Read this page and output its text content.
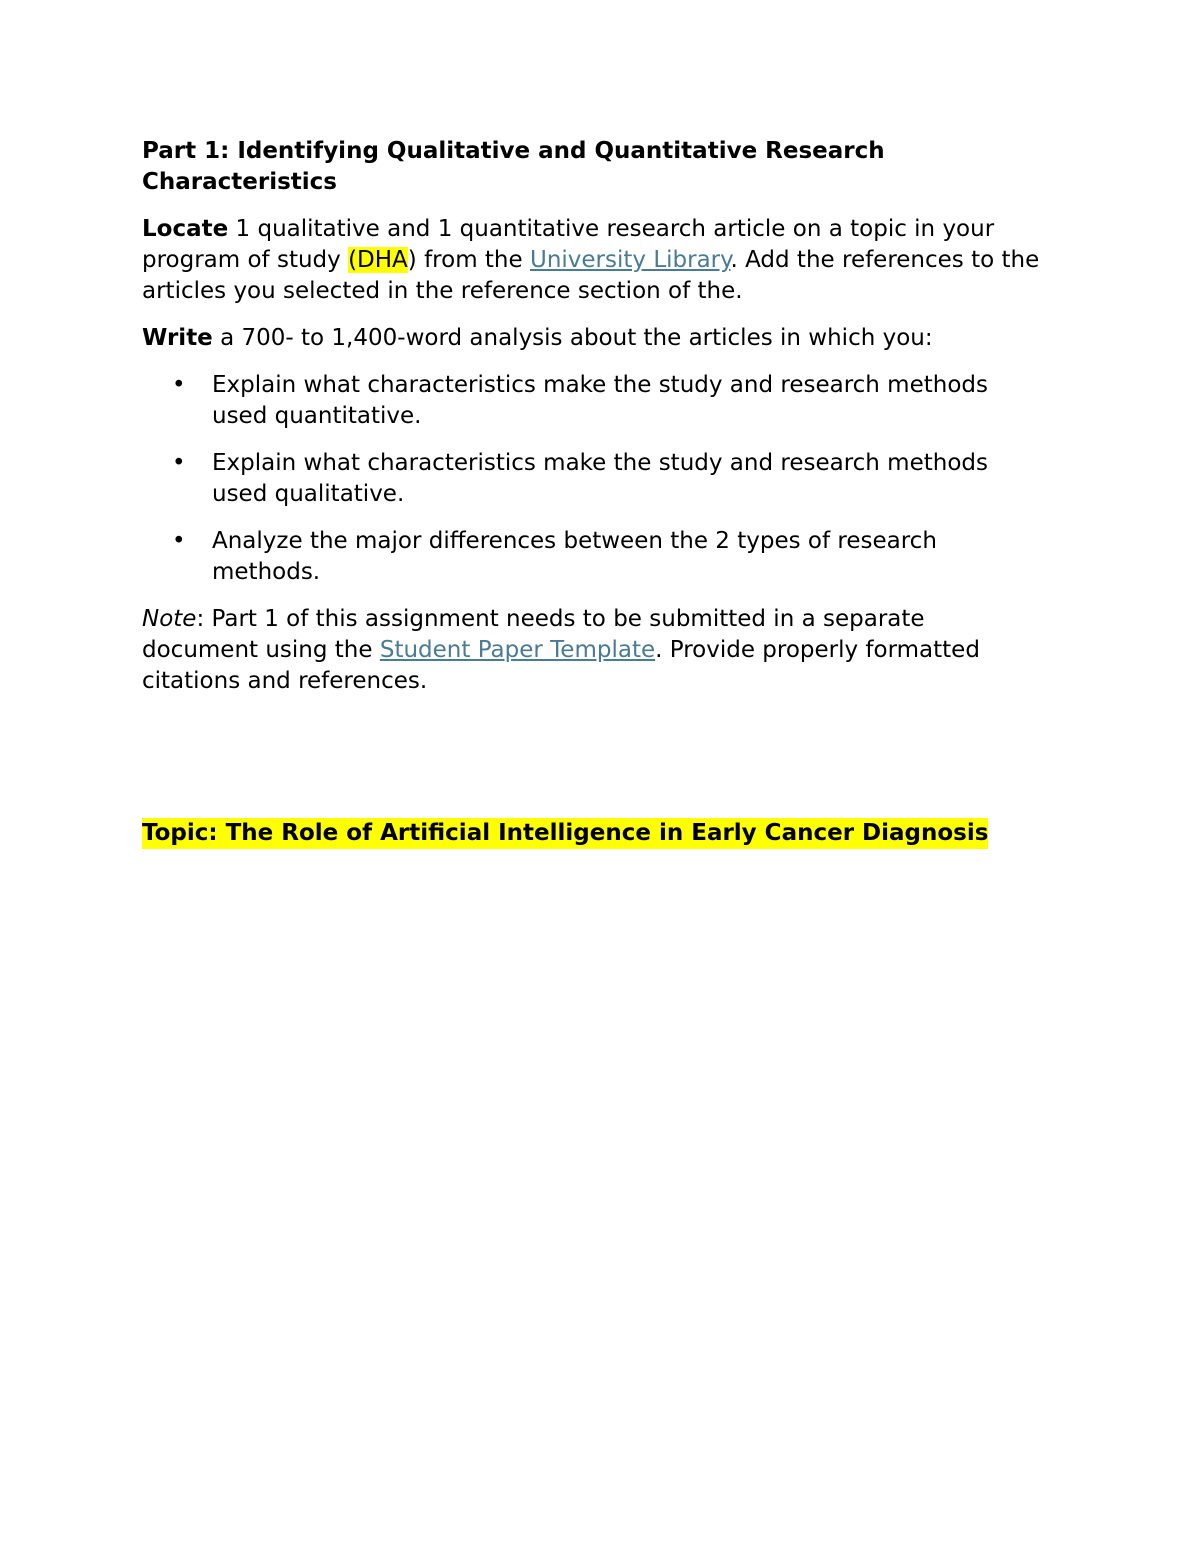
Part 1: Identifying Qualitative and Quantitative Research Characteristics

Locate 1 qualitative and 1 quantitative research article on a topic in your program of study (DHA) from the University Library. Add the references to the articles you selected in the reference section of the.

Write a 700- to 1,400-word analysis about the articles in which you:

• Explain what characteristics make the study and research methods used quantitative.
• Explain what characteristics make the study and research methods used qualitative.
• Analyze the major differences between the 2 types of research methods.

Note: Part 1 of this assignment needs to be submitted in a separate document using the Student Paper Template. Provide properly formatted citations and references.

Topic: The Role of Artificial Intelligence in Early Cancer Diagnosis
